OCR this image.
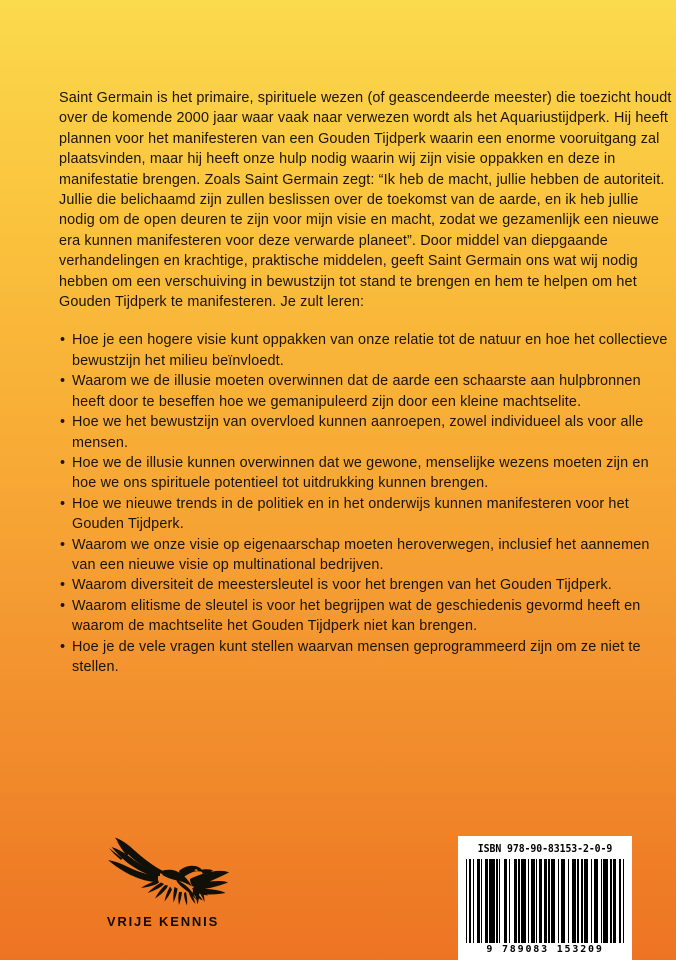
Saint Germain is het primaire, spirituele wezen (of geascendeerde meester) die toezicht houdt over de komende 2000 jaar waar vaak naar verwezen wordt als het Aquariustijdperk. Hij heeft plannen voor het manifesteren van een Gouden Tijdperk waarin een enorme vooruitgang zal plaatsvinden, maar hij heeft onze hulp nodig waarin wij zijn visie oppakken en deze in manifestatie brengen. Zoals Saint Germain zegt: “Ik heb de macht, jullie hebben de autoriteit. Jullie die belichaamd zijn zullen beslissen over de toekomst van de aarde, en ik heb jullie nodig om de open deuren te zijn voor mijn visie en macht, zodat we gezamenlijk een nieuwe era kunnen manifesteren voor deze verwarde planeet”. Door middel van diepgaande verhandelingen en krachtige, praktische middelen, geeft Saint Germain ons wat wij nodig hebben om een verschuiving in bewustzijn tot stand te brengen en hem te helpen om het Gouden Tijdperk te manifesteren. Je zult leren:

• Hoe je een hogere visie kunt oppakken van onze relatie tot de natuur en hoe het collectieve bewustzijn het milieu beïnvloedt.
• Waarom we de illusie moeten overwinnen dat de aarde een schaarste aan hulpbronnen heeft door te beseffen hoe we gemanipuleerd zijn door een kleine machtselite.
• Hoe we het bewustzijn van overvloed kunnen aanroepen, zowel individueel als voor alle mensen.
• Hoe we de illusie kunnen overwinnen dat we gewone, menselijke wezens moeten zijn en hoe we ons spirituele potentieel tot uitdrukking kunnen brengen.
• Hoe we nieuwe trends in de politiek en in het onderwijs kunnen manifesteren voor het Gouden Tijdperk.
• Waarom we onze visie op eigenaarschap moeten heroverwegen, inclusief het aannemen van een nieuwe visie op multinational bedrijven.
• Waarom diversiteit de meestersleutel is voor het brengen van het Gouden Tijdperk.
• Waarom elitisme de sleutel is voor het begrijpen wat de geschiedenis gevormd heeft en waarom de machtselite het Gouden Tijdperk niet kan brengen.
• Hoe je de vele vragen kunt stellen waarvan mensen geprogrammeerd zijn om ze niet te stellen.
VRIJE KENNIS
ISBN 978-90-83153-2-0-9
9 789083 153209
